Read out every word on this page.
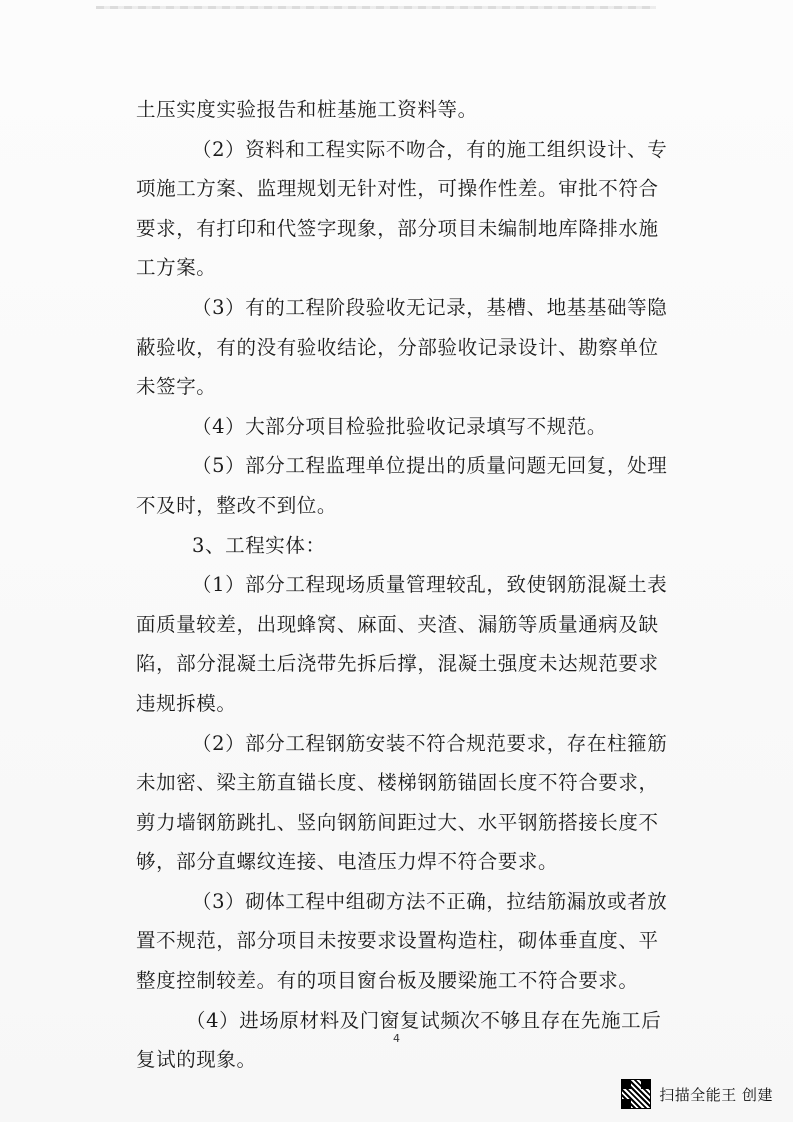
土压实度实验报告和桩基施工资料等。
（2）资料和工程实际不吻合，有的施工组织设计、专
项施工方案、监理规划无针对性，可操作性差。审批不符合
要求，有打印和代签字现象，部分项目未编制地库降排水施
工方案。
（3）有的工程阶段验收无记录，基槽、地基基础等隐
蔽验收，有的没有验收结论，分部验收记录设计、勘察单位
未签字。
（4）大部分项目检验批验收记录填写不规范。
（5）部分工程监理单位提出的质量问题无回复，处理
不及时，整改不到位。
3、工程实体：
（1）部分工程现场质量管理较乱，致使钢筋混凝土表
面质量较差，出现蜂窝、麻面、夹渣、漏筋等质量通病及缺
陷，部分混凝土后浇带先拆后撑，混凝土强度未达规范要求
违规拆模。
（2）部分工程钢筋安装不符合规范要求，存在柱箍筋
未加密、梁主筋直锚长度、楼梯钢筋锚固长度不符合要求，
剪力墙钢筋跳扎、竖向钢筋间距过大、水平钢筋搭接长度不
够，部分直螺纹连接、电渣压力焊不符合要求。
（3）砌体工程中组砌方法不正确，拉结筋漏放或者放
置不规范，部分项目未按要求设置构造柱，砌体垂直度、平
整度控制较差。有的项目窗台板及腰梁施工不符合要求。
（4）进场原材料及门窗复试频次不够且存在先施工后
复试的现象。
4
扫描全能王 创建
